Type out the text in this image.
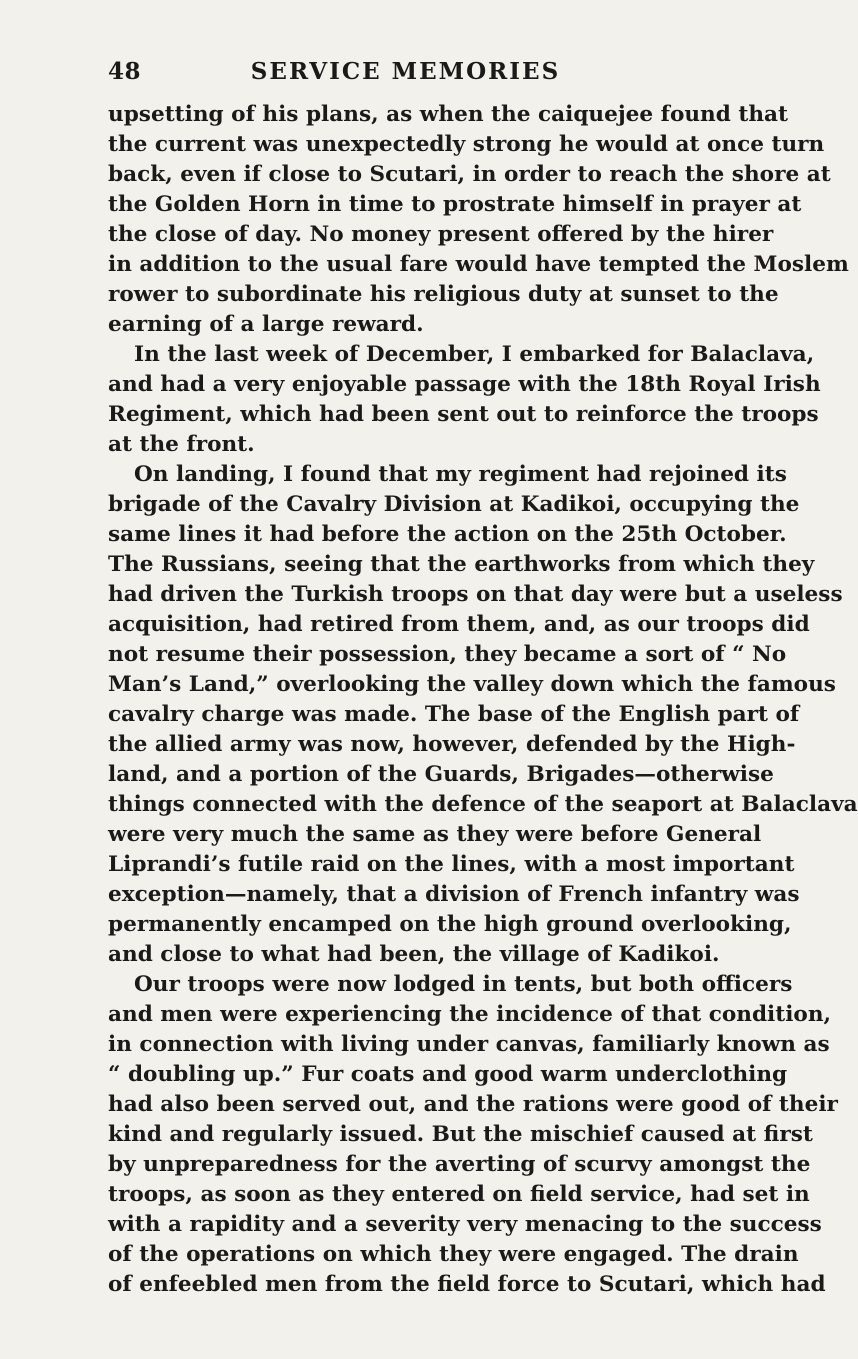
48	SERVICE MEMORIES
upsetting of his plans, as when the caiquejee found that
the current was unexpectedly strong he would at once turn
back, even if close to Scutari, in order to reach the shore at
the Golden Horn in time to prostrate himself in prayer at
the close of day. No money present offered by the hirer
in addition to the usual fare would have tempted the Moslem
rower to subordinate his religious duty at sunset to the
earning of a large reward.
In the last week of December, I embarked for Balaclava,
and had a very enjoyable passage with the 18th Royal Irish
Regiment, which had been sent out to reinforce the troops
at the front.
On landing, I found that my regiment had rejoined its
brigade of the Cavalry Division at Kadikoi, occupying the
same lines it had before the action on the 25th October.
The Russians, seeing that the earthworks from which they
had driven the Turkish troops on that day were but a useless
acquisition, had retired from them, and, as our troops did
not resume their possession, they became a sort of “ No
Man’s Land,” overlooking the valley down which the famous
cavalry charge was made. The base of the English part of
the allied army was now, however, defended by the High-
land, and a portion of the Guards, Brigades—otherwise
things connected with the defence of the seaport at Balaclava
were very much the same as they were before General
Liprandi’s futile raid on the lines, with a most important
exception—namely, that a division of French infantry was
permanently encamped on the high ground overlooking,
and close to what had been, the village of Kadikoi.
Our troops were now lodged in tents, but both officers
and men were experiencing the incidence of that condition,
in connection with living under canvas, familiarly known as
“ doubling up.” Fur coats and good warm underclothing
had also been served out, and the rations were good of their
kind and regularly issued. But the mischief caused at first
by unpreparedness for the averting of scurvy amongst the
troops, as soon as they entered on field service, had set in
with a rapidity and a severity very menacing to the success
of the operations on which they were engaged. The drain
of enfeebled men from the field force to Scutari, which had
